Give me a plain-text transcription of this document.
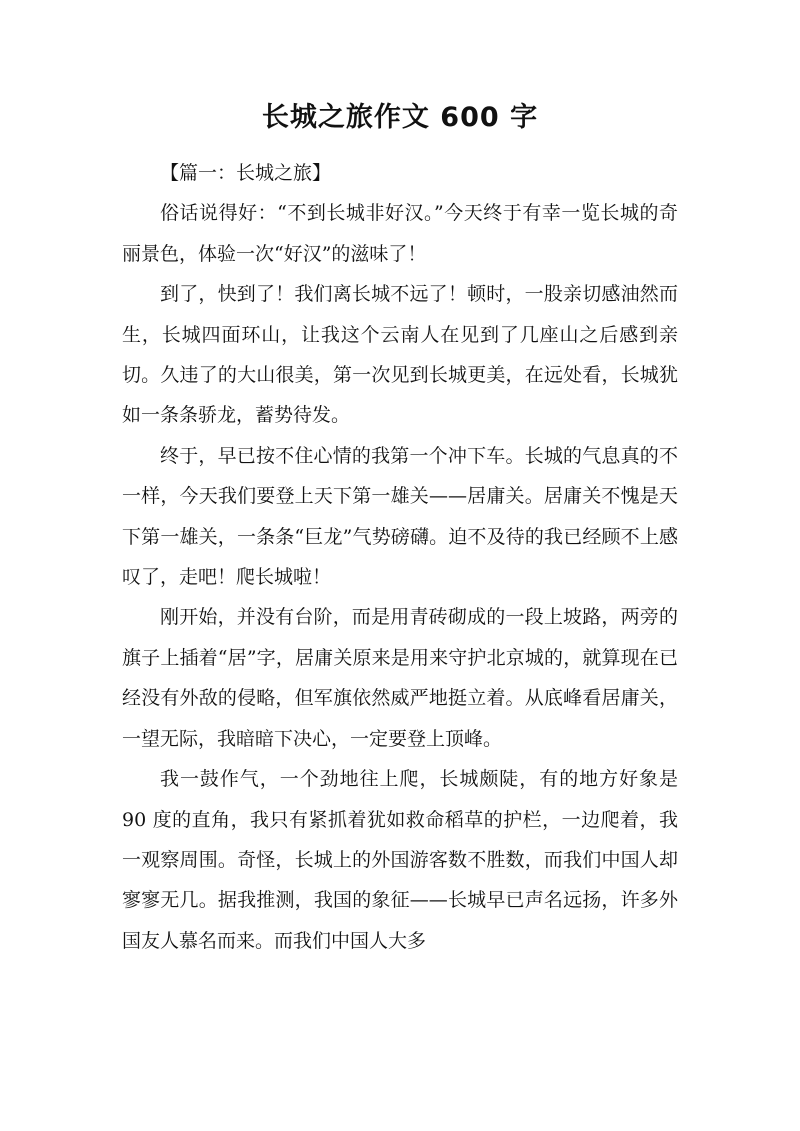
长城之旅作文 600 字

【篇一：长城之旅】

俗话说得好：“不到长城非好汉。”今天终于有幸一览长城的奇丽景色，体验一次“好汉”的滋味了！

到了，快到了！我们离长城不远了！顿时，一股亲切感油然而生，长城四面环山，让我这个云南人在见到了几座山之后感到亲切。久违了的大山很美，第一次见到长城更美，在远处看，长城犹如一条条骄龙，蓄势待发。

终于，早已按不住心情的我第一个冲下车。长城的气息真的不一样，今天我们要登上天下第一雄关——居庸关。居庸关不愧是天下第一雄关，一条条“巨龙”气势磅礴。迫不及待的我已经顾不上感叹了，走吧！爬长城啦！

刚开始，并没有台阶，而是用青砖砌成的一段上坡路，两旁的旗子上插着“居”字，居庸关原来是用来守护北京城的，就算现在已经没有外敌的侵略，但军旗依然威严地挺立着。从底峰看居庸关，一望无际，我暗暗下决心，一定要登上顶峰。

我一鼓作气，一个劲地往上爬，长城颇陡，有的地方好象是 90 度的直角，我只有紧抓着犹如救命稻草的护栏，一边爬着，我一观察周围。奇怪，长城上的外国游客数不胜数，而我们中国人却寥寥无几。据我推测，我国的象征——长城早已声名远扬，许多外国友人慕名而来。而我们中国人大多
